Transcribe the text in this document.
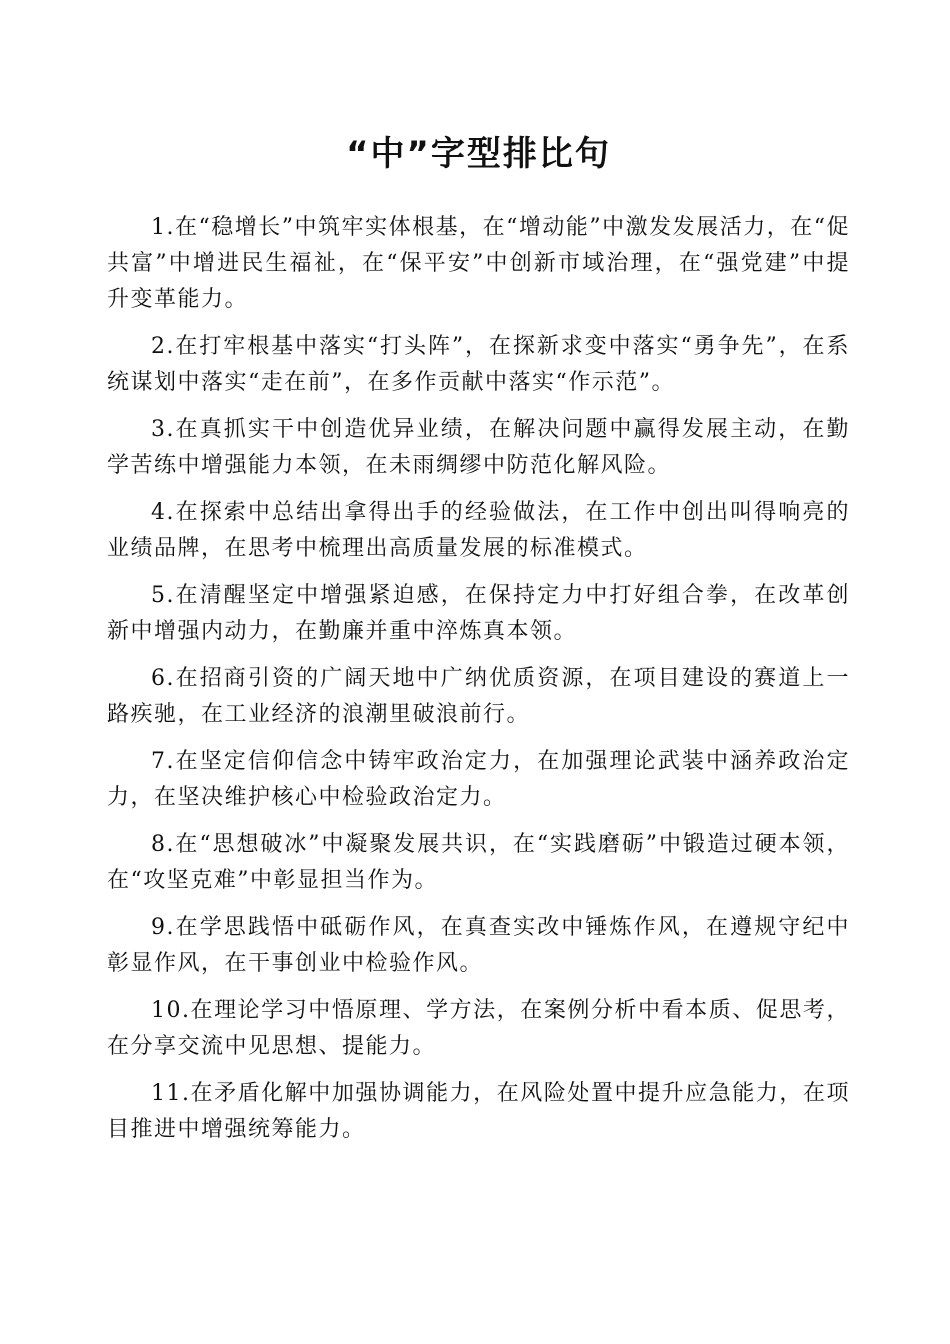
“中”字型排比句

1.在“稳增长”中筑牢实体根基，在“增动能”中激发发展活力，在“促共富”中增进民生福祉，在“保平安”中创新市域治理，在“强党建”中提升变革能力。

2.在打牢根基中落实“打头阵”，在探新求变中落实“勇争先”，在系统谋划中落实“走在前”，在多作贡献中落实“作示范”。

3.在真抓实干中创造优异业绩，在解决问题中赢得发展主动，在勤学苦练中增强能力本领，在未雨绸缪中防范化解风险。

4.在探索中总结出拿得出手的经验做法，在工作中创出叫得响亮的业绩品牌，在思考中梳理出高质量发展的标准模式。

5.在清醒坚定中增强紧迫感，在保持定力中打好组合拳，在改革创新中增强内动力，在勤廉并重中淬炼真本领。

6.在招商引资的广阔天地中广纳优质资源，在项目建设的赛道上一路疾驰，在工业经济的浪潮里破浪前行。

7.在坚定信仰信念中铸牢政治定力，在加强理论武装中涵养政治定力，在坚决维护核心中检验政治定力。

8.在“思想破冰”中凝聚发展共识，在“实践磨砺”中锻造过硬本领，在“攻坚克难”中彰显担当作为。

9.在学思践悟中砥砺作风，在真查实改中锤炼作风，在遵规守纪中彰显作风，在干事创业中检验作风。

10.在理论学习中悟原理、学方法，在案例分析中看本质、促思考，在分享交流中见思想、提能力。

11.在矛盾化解中加强协调能力，在风险处置中提升应急能力，在项目推进中增强统筹能力。
